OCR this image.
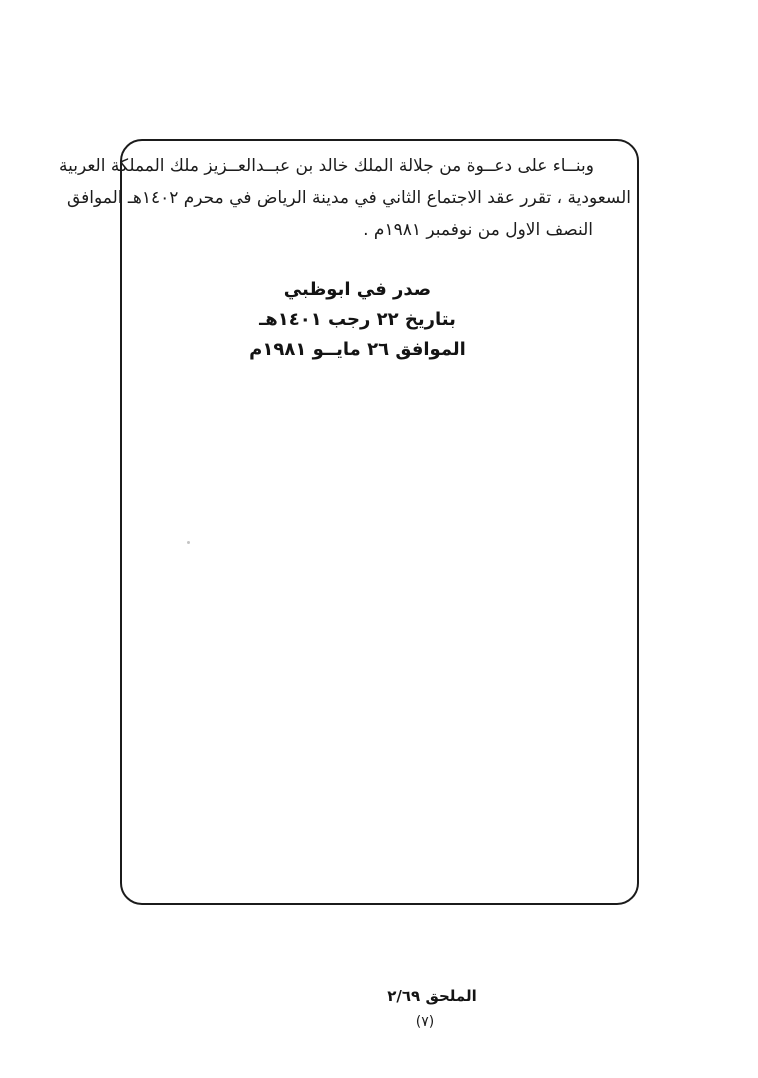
وبنــاء على دعــوة من جلالة الملك خالد بن عبــدالعــزيز ملك المملكة العربية
السعودية ، تقرر عقد الاجتماع الثاني في مدينة الرياض في محرم ١٤٠٢هـ الموافق
النصف الاول من نوفمبر ١٩٨١م .
صدر في ابوظبي
بتاريخ ٢٢ رجب ١٤٠١هـ
الموافق ٢٦ مايــو ١٩٨١م
الملحق ٢/٦٩
(٧)
